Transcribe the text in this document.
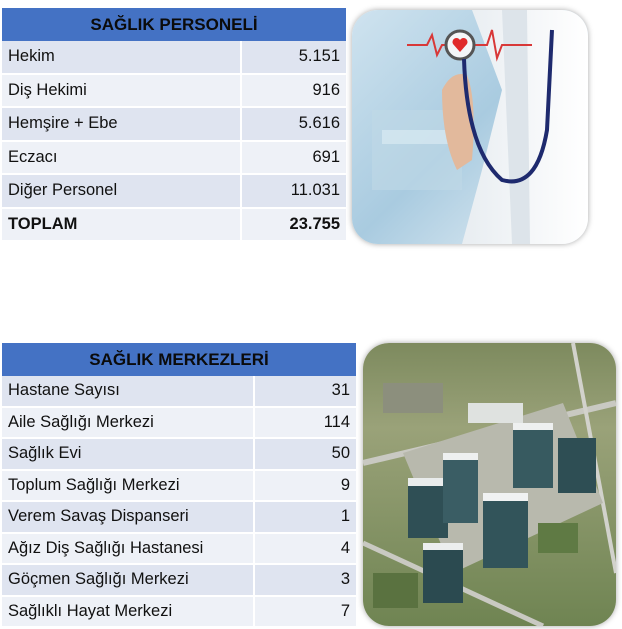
SAĞLIK PERSONELİ	
Hekim	5.151
Diş Hekimi	916
Hemşire + Ebe	5.616
Eczacı	691
Diğer Personel	11.031
TOPLAM	23.755
SAĞLIK MERKEZLERİ	
Hastane Sayısı	31
Aile Sağlığı Merkezi	114
Sağlık Evi	50
Toplum Sağlığı Merkezi	9
Verem Savaş Dispanseri	1
Ağız Diş Sağlığı Hastanesi	4
Göçmen Sağlığı Merkezi	3
Sağlıklı Hayat Merkezi	7
